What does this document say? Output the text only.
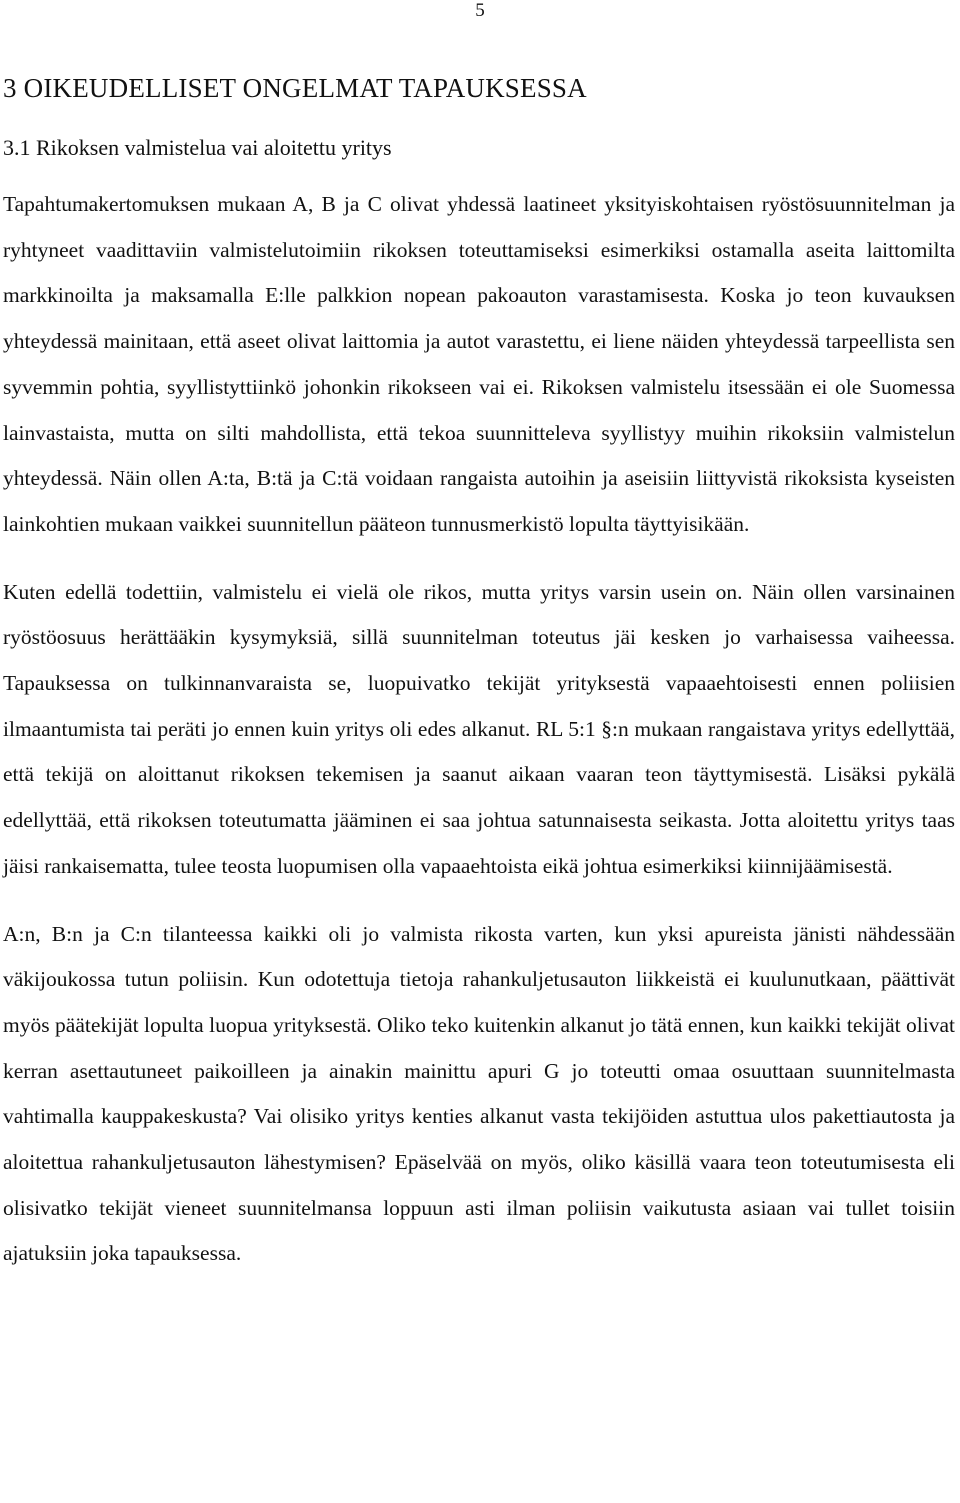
5
3 OIKEUDELLISET ONGELMAT TAPAUKSESSA
3.1 Rikoksen valmistelua vai aloitettu yritys

Tapahtumakertomuksen mukaan A, B ja C olivat yhdessä laatineet yksityiskohtaisen ryöstösuunnitelman ja ryhtyneet vaadittaviin valmistelutoimiin rikoksen toteuttamiseksi esimerkiksi ostamalla aseita laittomilta markkinoilta ja maksamalla E:lle palkkion nopean pakoauton varastamisesta. Koska jo teon kuvauksen yhteydessä mainitaan, että aseet olivat laittomia ja autot varastettu, ei liene näiden yhteydessä tarpeellista sen syvemmin pohtia, syyllistyttiinkö johonkin rikokseen vai ei. Rikoksen valmistelu itsessään ei ole Suomessa lainvastaista, mutta on silti mahdollista, että tekoa suunnitteleva syyllistyy muihin rikoksiin valmistelun yhteydessä. Näin ollen A:ta, B:tä ja C:tä voidaan rangaista autoihin ja aseisiin liittyvistä rikoksista kyseisten lainkohtien mukaan vaikkei suunnitellun pääteon tunnusmerkistö lopulta täyttyisikään.

Kuten edellä todettiin, valmistelu ei vielä ole rikos, mutta yritys varsin usein on. Näin ollen varsinainen ryöstöosuus herättääkin kysymyksiä, sillä suunnitelman toteutus jäi kesken jo varhaisessa vaiheessa. Tapauksessa on tulkinnanvaraista se, luopuivatko tekijät yrityksestä vapaaehtoisesti ennen poliisien ilmaantumista tai peräti jo ennen kuin yritys oli edes alkanut. RL 5:1 §:n mukaan rangaistava yritys edellyttää, että tekijä on aloittanut rikoksen tekemisen ja saanut aikaan vaaran teon täyttymisestä. Lisäksi pykälä edellyttää, että rikoksen toteutumatta jääminen ei saa johtua satunnaisesta seikasta. Jotta aloitettu yritys taas jäisi rankaisematta, tulee teosta luopumisen olla vapaaehtoista eikä johtua esimerkiksi kiinnijäämisestä.

A:n, B:n ja C:n tilanteessa kaikki oli jo valmista rikosta varten, kun yksi apureista jänisti nähdessään väkijoukossa tutun poliisin. Kun odotettuja tietoja rahankuljetusauton liikkeistä ei kuulunutkaan, päättivät myös päätekijät lopulta luopua yrityksestä. Oliko teko kuitenkin alkanut jo tätä ennen, kun kaikki tekijät olivat kerran asettautuneet paikoilleen ja ainakin mainittu apuri G jo toteutti omaa osuuttaan suunnitelmasta vahtimalla kauppakeskusta? Vai olisiko yritys kenties alkanut vasta tekijöiden astuttua ulos pakettiautosta ja aloitettua rahankuljetusauton lähestymisen? Epäselvää on myös, oliko käsillä vaara teon toteutumisesta eli olisivatko tekijät vieneet suunnitelmansa loppuun asti ilman poliisin vaikutusta asiaan vai tullet toisiin ajatuksiin joka tapauksessa.
